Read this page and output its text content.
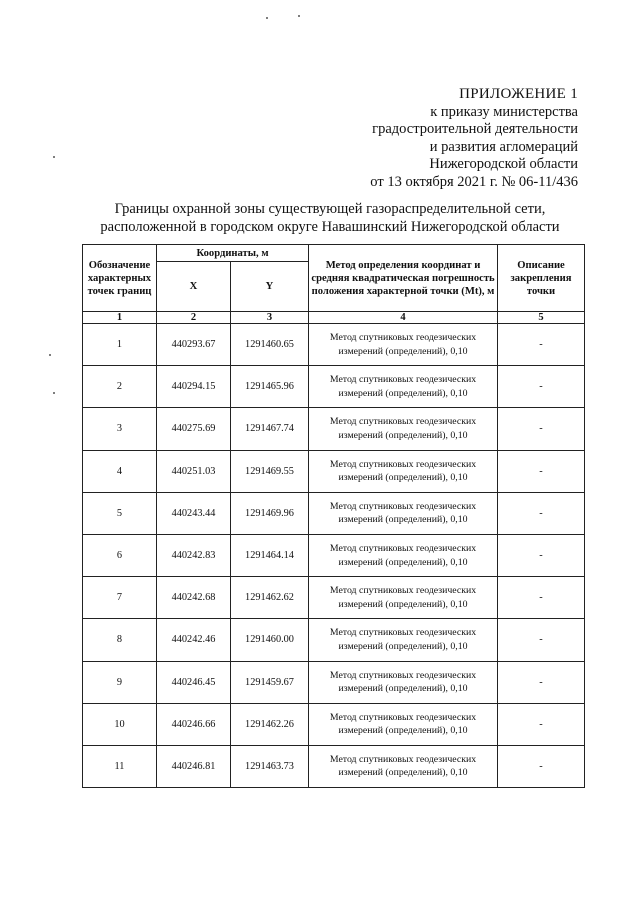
ПРИЛОЖЕНИЕ 1
к приказу министерства
градостроительной деятельности
и развития агломераций
Нижегородской области
от 13 октября 2021 г. № 06-11/436
Границы охранной зоны существующей газораспределительной сети,
расположенной в городском округе Навашинский Нижегородской области
Обозначение характерных точек границ	Координаты, м		Метод определения координат и средняя квадратическая погрешность положения характерной точки (Mt), м	Описание закрепления точки
	X	Y		
1	2	3	4	5
1	440293.67	1291460.65	Метод спутниковых геодезических измерений (определений), 0,10	-
2	440294.15	1291465.96	Метод спутниковых геодезических измерений (определений), 0,10	-
3	440275.69	1291467.74	Метод спутниковых геодезических измерений (определений), 0,10	-
4	440251.03	1291469.55	Метод спутниковых геодезических измерений (определений), 0,10	-
5	440243.44	1291469.96	Метод спутниковых геодезических измерений (определений), 0,10	-
6	440242.83	1291464.14	Метод спутниковых геодезических измерений (определений), 0,10	-
7	440242.68	1291462.62	Метод спутниковых геодезических измерений (определений), 0,10	-
8	440242.46	1291460.00	Метод спутниковых геодезических измерений (определений), 0,10	-
9	440246.45	1291459.67	Метод спутниковых геодезических измерений (определений), 0,10	-
10	440246.66	1291462.26	Метод спутниковых геодезических измерений (определений), 0,10	-
11	440246.81	1291463.73	Метод спутниковых геодезических измерений (определений), 0,10	-
